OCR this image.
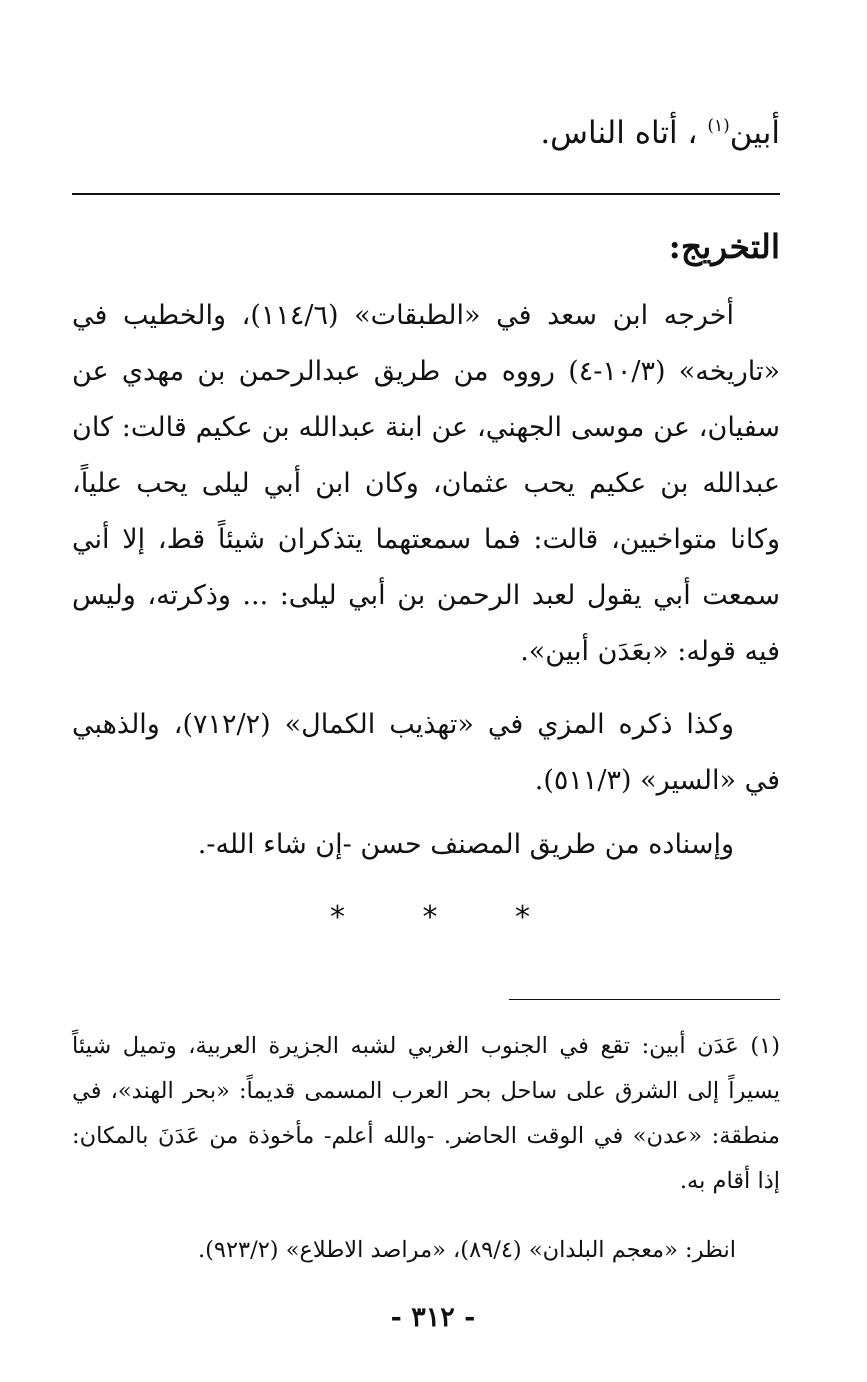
أبين$^{(١)}$ ، أتاه الناس.
التخريج:

أخرجه ابن سعد في «الطبقات» (١١٤/٦)، والخطيب في «تاريخه» (١٠/٣-٤) رووه من طريق عبدالرحمن بن مهدي عن سفيان، عن موسى الجهني، عن ابنة عبدالله بن عكيم قالت: كان عبدالله بن عكيم يحب عثمان، وكان ابن أبي ليلى يحب علياً، وكانا متواخيين، قالت: فما سمعتهما يتذكران شيئاً قط، إلا أني سمعت أبي يقول لعبد الرحمن بن أبي ليلى: ... وذكرته، وليس فيه قوله: «بعَدَن أبين».

وكذا ذكره المزي في «تهذيب الكمال» (٧١٢/٢)، والذهبي في «السير» (٥١١/٣).

وإسناده من طريق المصنف حسن -إن شاء الله-.

*
*
*

(١) عَدَن أبين: تقع في الجنوب الغربي لشبه الجزيرة العربية، وتميل شيئاً يسيراً إلى الشرق على ساحل بحر العرب المسمى قديماً: «بحر الهند»، في منطقة: «عدن» في الوقت الحاضر. -والله أعلم- مأخوذة من عَدَنَ بالمكان: إذا أقام به.

انظر: «معجم البلدان» (٨٩/٤)، «مراصد الاطلاع» (٩٢٣/٢).

- ٣١٢ -
